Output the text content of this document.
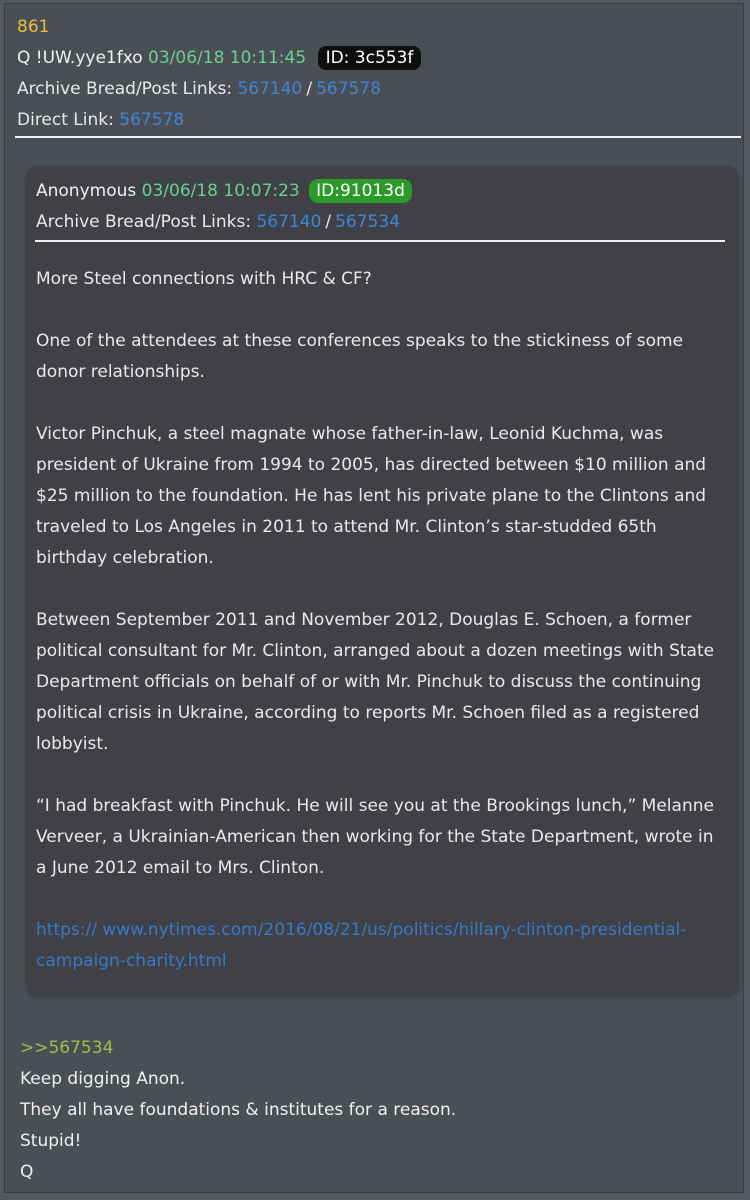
861
Q !UW.yye1fxo 03/06/18 10:11:45 ID: 3c553f
Archive Bread/Post Links: 567140 / 567578
Direct Link: 567578
Anonymous 03/06/18 10:07:23 ID:91013d
Archive Bread/Post Links: 567140 / 567534

More Steel connections with HRC & CF?

One of the attendees at these conferences speaks to the stickiness of some donor relationships.

Victor Pinchuk, a steel magnate whose father-in-law, Leonid Kuchma, was president of Ukraine from 1994 to 2005, has directed between $10 million and $25 million to the foundation. He has lent his private plane to the Clintons and traveled to Los Angeles in 2011 to attend Mr. Clinton’s star-studded 65th birthday celebration.

Between September 2011 and November 2012, Douglas E. Schoen, a former political consultant for Mr. Clinton, arranged about a dozen meetings with State Department officials on behalf of or with Mr. Pinchuk to discuss the continuing political crisis in Ukraine, according to reports Mr. Schoen filed as a registered lobbyist.

“I had breakfast with Pinchuk. He will see you at the Brookings lunch,” Melanne Verveer, a Ukrainian-American then working for the State Department, wrote in a June 2012 email to Mrs. Clinton.

https:// www.nytimes.com/2016/08/21/us/politics/hillary-clinton-presidential-campaign-charity.html

>>567534
Keep digging Anon.
They all have foundations & institutes for a reason.
Stupid!
Q
